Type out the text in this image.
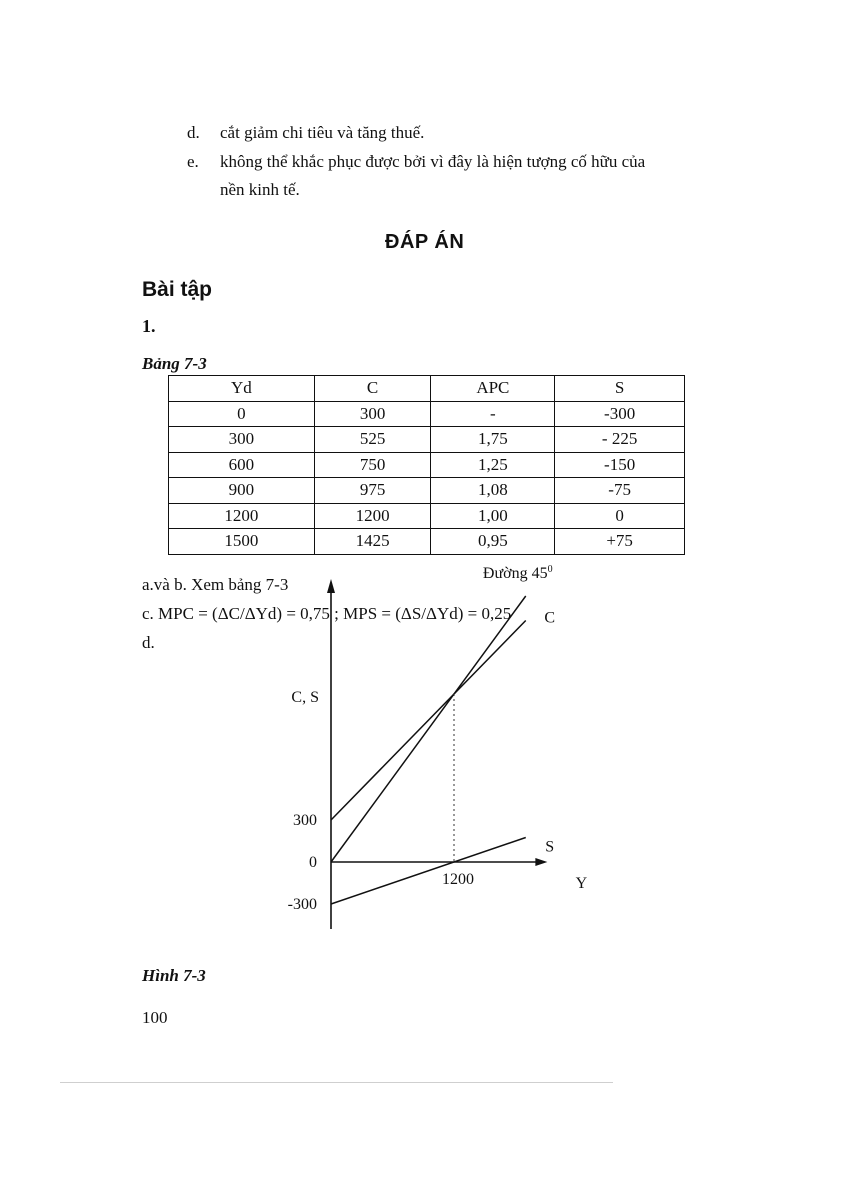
d. cắt giảm chi tiêu và tăng thuế.
e. không thể khắc phục được bởi vì đây là hiện tượng cố hữu của
nền kinh tế.
ĐÁP ÁN
Bài tập
1.
Bảng 7-3
Yd	C	APC	S
0	300	-	-300
300	525	1,75	- 225
600	750	1,25	-150
900	975	1,08	-75
1200	1200	1,00	0
1500	1425	0,95	+75
a.và b. Xem bảng 7-3
c. MPC = (ΔC/ΔYd) = 0,75 ; MPS = (ΔS/ΔYd) = 0,25
d.
C, S
Y
300
0
-300
1200
Đường $45^0$
C
S
Hình 7-3
100
